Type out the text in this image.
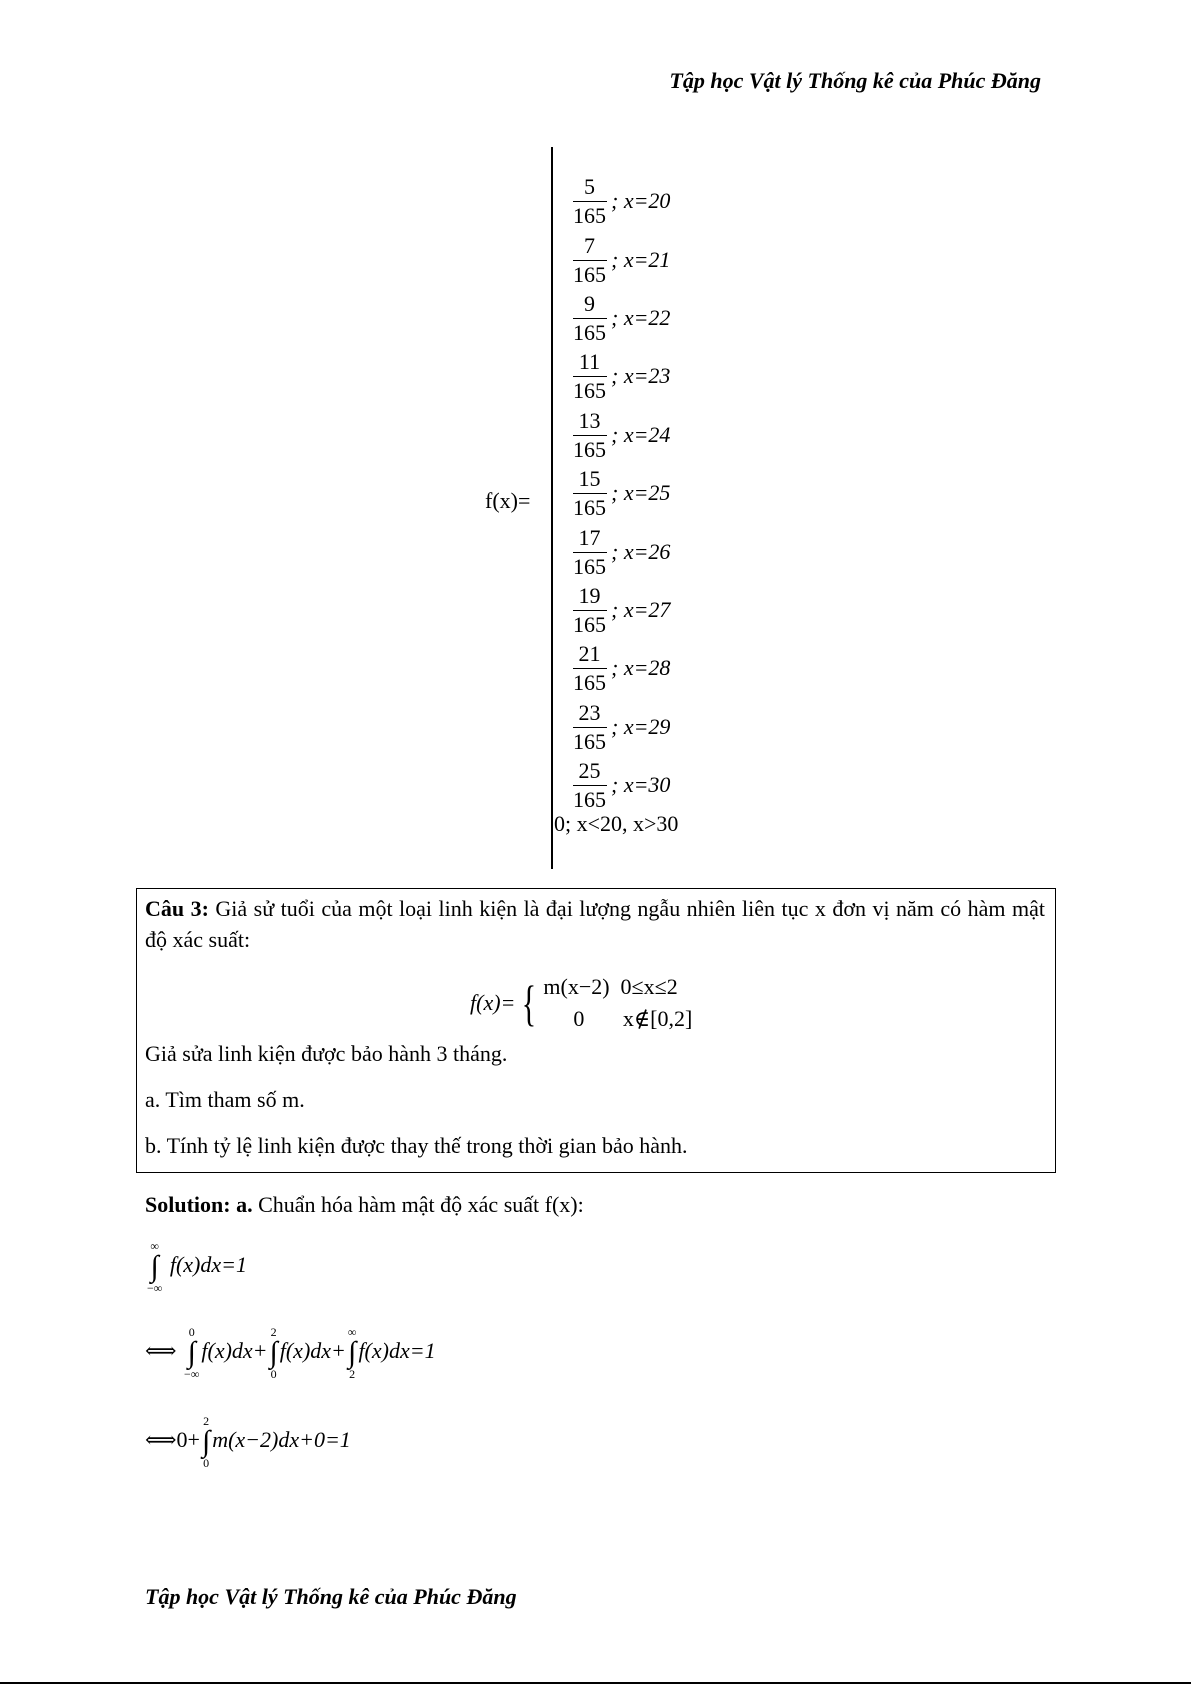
Tập học Vật lý Thống kê của Phúc Đăng
f(x)=
$\frac{5}{165}$ ; x=20
$\frac{7}{165}$ ; x=21
$\frac{9}{165}$ ; x=22
$\frac{11}{165}$ ; x=23
$\frac{13}{165}$ ; x=24
$\frac{15}{165}$ ; x=25
$\frac{17}{165}$ ; x=26
$\frac{19}{165}$ ; x=27
$\frac{21}{165}$ ; x=28
$\frac{23}{165}$ ; x=29
$\frac{25}{165}$ ; x=30
0; x<20, x>30
Câu 3: Giả sử tuổi của một loại linh kiện là đại lượng ngẫu nhiên liên tục x đơn vị năm có hàm mật độ xác suất:
f(x)= { m(x−2)  0≤x≤2
0       x∉[0,2]
Giả sửa linh kiện được bảo hành 3 tháng.
a. Tìm tham số m.
b. Tính tỷ lệ linh kiện được thay thế trong thời gian bảo hành.
Solution: a. Chuẩn hóa hàm mật độ xác suất f(x):
∞
∫
−∞
f(x)dx=1
⟺
0
∫
−∞
f(x)dx+
2
∫
0
f(x)dx+
∞
∫
2
f(x)dx=1
⟺0+
2
∫
0
m(x−2)dx+0=1
Tập học Vật lý Thống kê của Phúc Đăng
